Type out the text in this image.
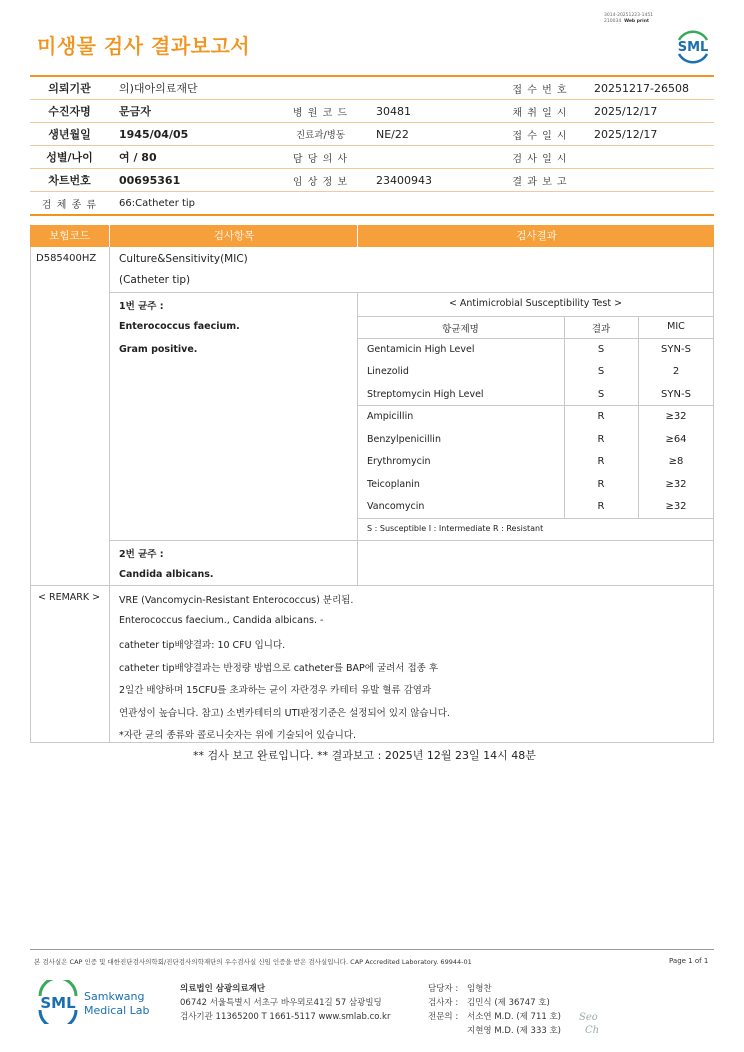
3014-20251223-1451
210034 Web print
미생물 검사 결과보고서	SML
의뢰기관	의)대아의료재단			접 수 번 호	20251217-26508
수진자명	문금자	병 원 코 드	30481	채 취 일 시	2025/12/17
생년월일	1945/04/05	진료과/병동	NE/22	접 수 일 시	2025/12/17
성별/나이	여 / 80	담 당 의 사		검 사 일 시	
차트번호	00695361	임 상 정 보	23400943	결 과 보 고	
검 체 종 류	66:Catheter tip				
보험코드	검사항목	검사결과
D585400HZ Culture&Sensitivity(MIC)
(Catheter tip)
1번 균주 :
Enterococcus faecium.
Gram positive.
< Antimicrobial Susceptibility Test >
항균제명	결과	MIC
Gentamicin High Level	S	SYN-S
Linezolid	S	2
Streptomycin High Level	S	SYN-S
Ampicillin	R	≥32
Benzylpenicillin	R	≥64
Erythromycin	R	≥8
Teicoplanin	R	≥32
Vancomycin	R	≥32
S : Susceptible I : Intermediate R : Resistant
2번 균주 :
Candida albicans.
< REMARK > VRE (Vancomycin-Resistant Enterococcus) 분리됨.
Enterococcus faecium., Candida albicans. -
catheter tip배양결과: 10 CFU 입니다.
catheter tip배양결과는 반정량 방법으로 catheter를 BAP에 굴려서 접종 후
2일간 배양하며 15CFU를 초과하는 균이 자란경우 카테터 유발 혈류 감염과
연관성이 높습니다. 참고) 소변카테터의 UTI판정기준은 설정되어 있지 않습니다.
*자란 균의 종류와 콜로니숫자는 위에 기술되어 있습니다.
** 검사 보고 완료입니다. ** 결과보고 : 2025년 12월 23일 14시 48분
본 검사실은 CAP 인증 및 대한진단검사의학회/진단검사의학재단의 우수검사실 신임 인증을 받은 검사실입니다. CAP Accredited Laboratory. 69944-01	Page 1 of 1
SML Samkwang
Medical Lab
의료법인 삼광의료재단
06742 서울특별시 서초구 바우뫼로41길 57 삼광빌딩
검사기관 11365200 T 1661-5117 www.smlab.co.kr
담당자 : 임형찬
검사자 : 김민식 (제 36747 호)
전문의 : 서소연 M.D. (제 711 호)
지현영 M.D. (제 333 호)
Seo
Ch
